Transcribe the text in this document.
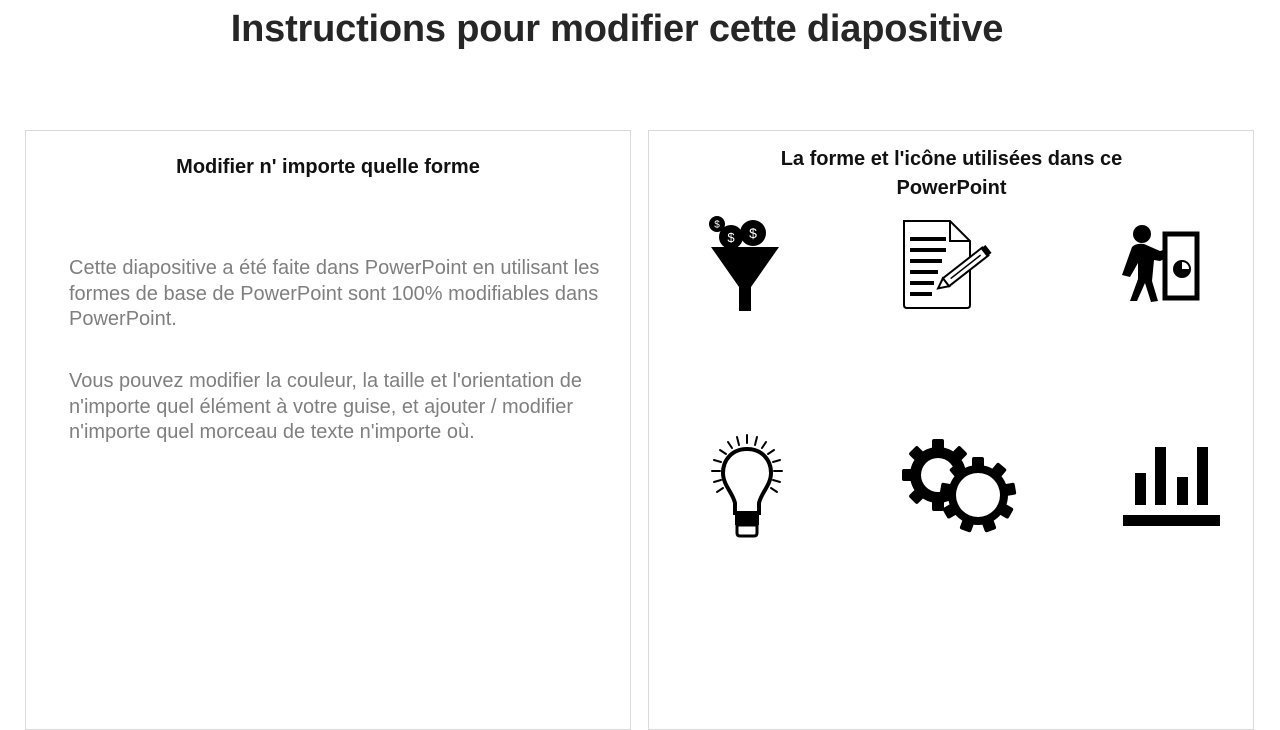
Instructions pour modifier cette diapositive
Modifier n' importe quelle forme
Cette diapositive a été faite dans PowerPoint en utilisant les formes de base de PowerPoint sont 100% modifiables dans PowerPoint.
Vous pouvez modifier la couleur, la taille et l'orientation de n'importe quel élément à votre guise, et ajouter / modifier n'importe quel morceau de texte n'importe où.
La forme et l'icône utilisées dans ce PowerPoint
$ $
$
